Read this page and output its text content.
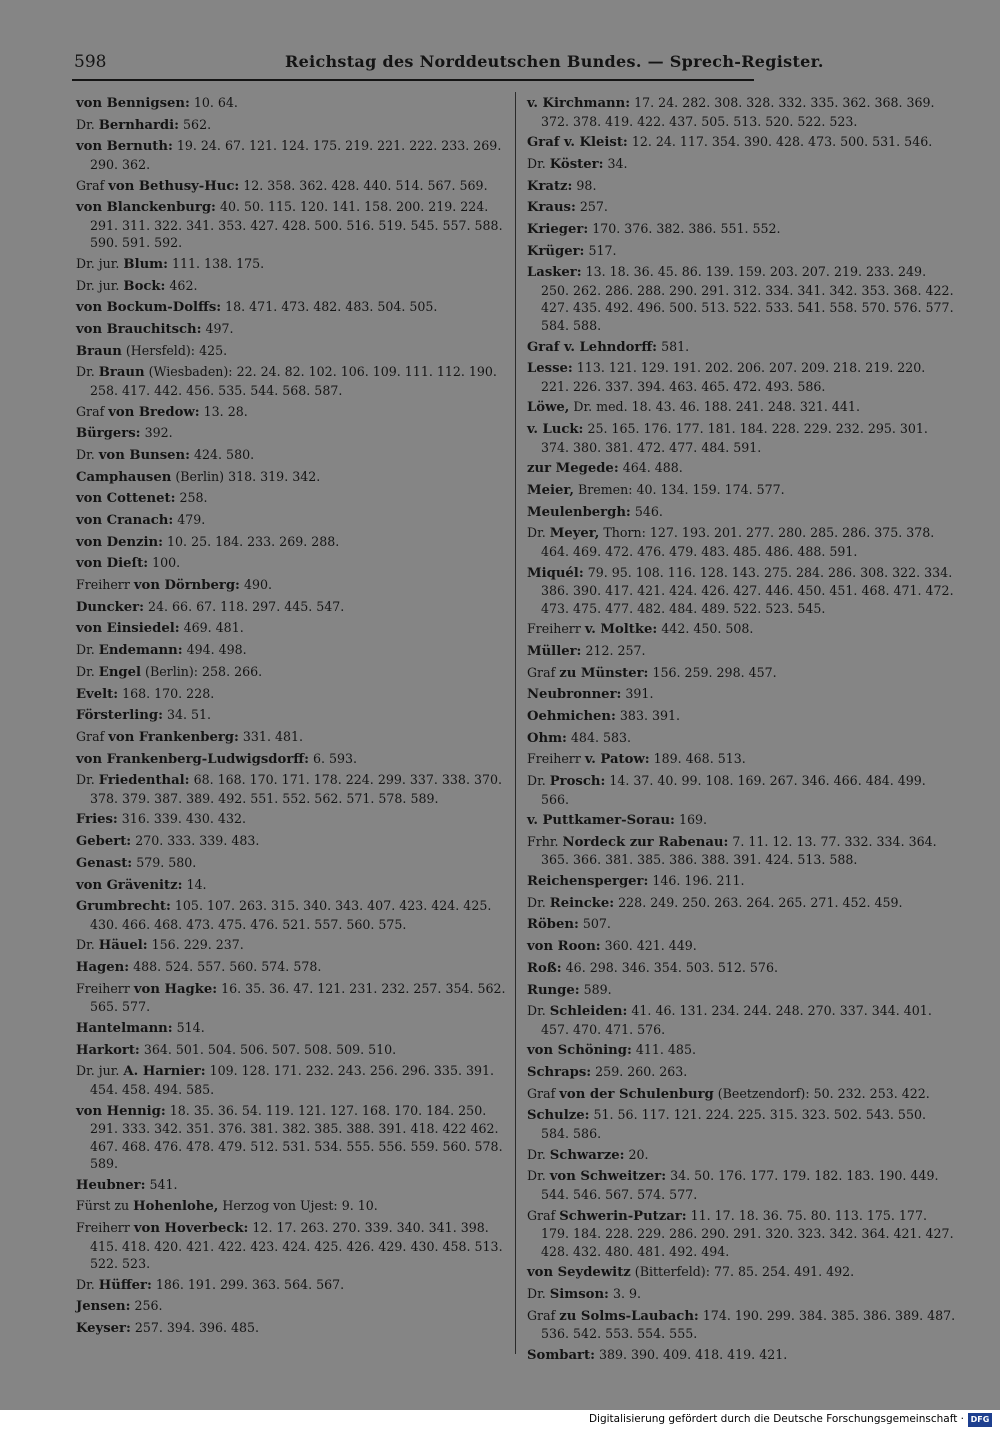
598	Reichstag des Norddeutschen Bundes. — Sprech-Register.
von Bennigsen: 10. 64.
Dr. Bernhardi: 562.
von Bernuth: 19. 24. 67. 121. 124. 175. 219. 221. 222. 233. 269. 290. 362.
Graf von Bethusy-Huc: 12. 358. 362. 428. 440. 514. 567. 569.
von Blanckenburg: 40. 50. 115. 120. 141. 158. 200. 219. 224. 291. 311. 322. 341. 353. 427. 428. 500. 516. 519. 545. 557. 588. 590. 591. 592.
Dr. jur. Blum: 111. 138. 175.
Dr. jur. Bock: 462.
von Bockum-Dolffs: 18. 471. 473. 482. 483. 504. 505.
von Brauchitsch: 497.
Braun (Hersfeld): 425.
Dr. Braun (Wiesbaden): 22. 24. 82. 102. 106. 109. 111. 112. 190. 258. 417. 442. 456. 535. 544. 568. 587.
Graf von Bredow: 13. 28.
Bürgers: 392.
Dr. von Bunsen: 424. 580.
Camphausen (Berlin) 318. 319. 342.
von Cottenet: 258.
von Cranach: 479.
von Denzin: 10. 25. 184. 233. 269. 288.
von Dieſt: 100.
Freiherr von Dörnberg: 490.
Duncker: 24. 66. 67. 118. 297. 445. 547.
von Einsiedel: 469. 481.
Dr. Endemann: 494. 498.
Dr. Engel (Berlin): 258. 266.
Evelt: 168. 170. 228.
Försterling: 34. 51.
Graf von Frankenberg: 331. 481.
von Frankenberg-Ludwigsdorff: 6. 593.
Dr. Friedenthal: 68. 168. 170. 171. 178. 224. 299. 337. 338. 370. 378. 379. 387. 389. 492. 551. 552. 562. 571. 578. 589.
Fries: 316. 339. 430. 432.
Gebert: 270. 333. 339. 483.
Genast: 579. 580.
von Grävenitz: 14.
Grumbrecht: 105. 107. 263. 315. 340. 343. 407. 423. 424. 425. 430. 466. 468. 473. 475. 476. 521. 557. 560. 575.
Dr. Häuel: 156. 229. 237.
Hagen: 488. 524. 557. 560. 574. 578.
Freiherr von Hagke: 16. 35. 36. 47. 121. 231. 232. 257. 354. 562. 565. 577.
Hantelmann: 514.
Harkort: 364. 501. 504. 506. 507. 508. 509. 510.
Dr. jur. A. Harnier: 109. 128. 171. 232. 243. 256. 296. 335. 391. 454. 458. 494. 585.
von Hennig: 18. 35. 36. 54. 119. 121. 127. 168. 170. 184. 250. 291. 333. 342. 351. 376. 381. 382. 385. 388. 391. 418. 422 462. 467. 468. 476. 478. 479. 512. 531. 534. 555. 556. 559. 560. 578. 589.
Heubner: 541.
Fürst zu Hohenlohe, Herzog von Ujest: 9. 10.
Freiherr von Hoverbeck: 12. 17. 263. 270. 339. 340. 341. 398. 415. 418. 420. 421. 422. 423. 424. 425. 426. 429. 430. 458. 513. 522. 523.
Dr. Hüffer: 186. 191. 299. 363. 564. 567.
Jensen: 256.
Keyser: 257. 394. 396. 485.
v. Kirchmann: 17. 24. 282. 308. 328. 332. 335. 362. 368. 369. 372. 378. 419. 422. 437. 505. 513. 520. 522. 523.
Graf v. Kleist: 12. 24. 117. 354. 390. 428. 473. 500. 531. 546.
Dr. Köster: 34.
Kratz: 98.
Kraus: 257.
Krieger: 170. 376. 382. 386. 551. 552.
Krüger: 517.
Lasker: 13. 18. 36. 45. 86. 139. 159. 203. 207. 219. 233. 249. 250. 262. 286. 288. 290. 291. 312. 334. 341. 342. 353. 368. 422. 427. 435. 492. 496. 500. 513. 522. 533. 541. 558. 570. 576. 577. 584. 588.
Graf v. Lehndorff: 581.
Lesse: 113. 121. 129. 191. 202. 206. 207. 209. 218. 219. 220. 221. 226. 337. 394. 463. 465. 472. 493. 586.
Löwe, Dr. med. 18. 43. 46. 188. 241. 248. 321. 441.
v. Luck: 25. 165. 176. 177. 181. 184. 228. 229. 232. 295. 301. 374. 380. 381. 472. 477. 484. 591.
zur Megede: 464. 488.
Meier, Bremen: 40. 134. 159. 174. 577.
Meulenbergh: 546.
Dr. Meyer, Thorn: 127. 193. 201. 277. 280. 285. 286. 375. 378. 464. 469. 472. 476. 479. 483. 485. 486. 488. 591.
Miquél: 79. 95. 108. 116. 128. 143. 275. 284. 286. 308. 322. 334. 386. 390. 417. 421. 424. 426. 427. 446. 450. 451. 468. 471. 472. 473. 475. 477. 482. 484. 489. 522. 523. 545.
Freiherr v. Moltke: 442. 450. 508.
Müller: 212. 257.
Graf zu Münster: 156. 259. 298. 457.
Neubronner: 391.
Oehmichen: 383. 391.
Ohm: 484. 583.
Freiherr v. Patow: 189. 468. 513.
Dr. Prosch: 14. 37. 40. 99. 108. 169. 267. 346. 466. 484. 499. 566.
v. Puttkamer-Sorau: 169.
Frhr. Nordeck zur Rabenau: 7. 11. 12. 13. 77. 332. 334. 364. 365. 366. 381. 385. 386. 388. 391. 424. 513. 588.
Reichensperger: 146. 196. 211.
Dr. Reincke: 228. 249. 250. 263. 264. 265. 271. 452. 459.
Röben: 507.
von Roon: 360. 421. 449.
Roß: 46. 298. 346. 354. 503. 512. 576.
Runge: 589.
Dr. Schleiden: 41. 46. 131. 234. 244. 248. 270. 337. 344. 401. 457. 470. 471. 576.
von Schöning: 411. 485.
Schraps: 259. 260. 263.
Graf von der Schulenburg (Beetzendorf): 50. 232. 253. 422.
Schulze: 51. 56. 117. 121. 224. 225. 315. 323. 502. 543. 550. 584. 586.
Dr. Schwarze: 20.
Dr. von Schweitzer: 34. 50. 176. 177. 179. 182. 183. 190. 449. 544. 546. 567. 574. 577.
Graf Schwerin-Putzar: 11. 17. 18. 36. 75. 80. 113. 175. 177. 179. 184. 228. 229. 286. 290. 291. 320. 323. 342. 364. 421. 427. 428. 432. 480. 481. 492. 494.
von Seydewitz (Bitterfeld): 77. 85. 254. 491. 492.
Dr. Simson: 3. 9.
Graf zu Solms-Laubach: 174. 190. 299. 384. 385. 386. 389. 487. 536. 542. 553. 554. 555.
Sombart: 389. 390. 409. 418. 419. 421.
Digitalisierung gefördert durch die Deutsche Forschungsgemeinschaft · DFG
